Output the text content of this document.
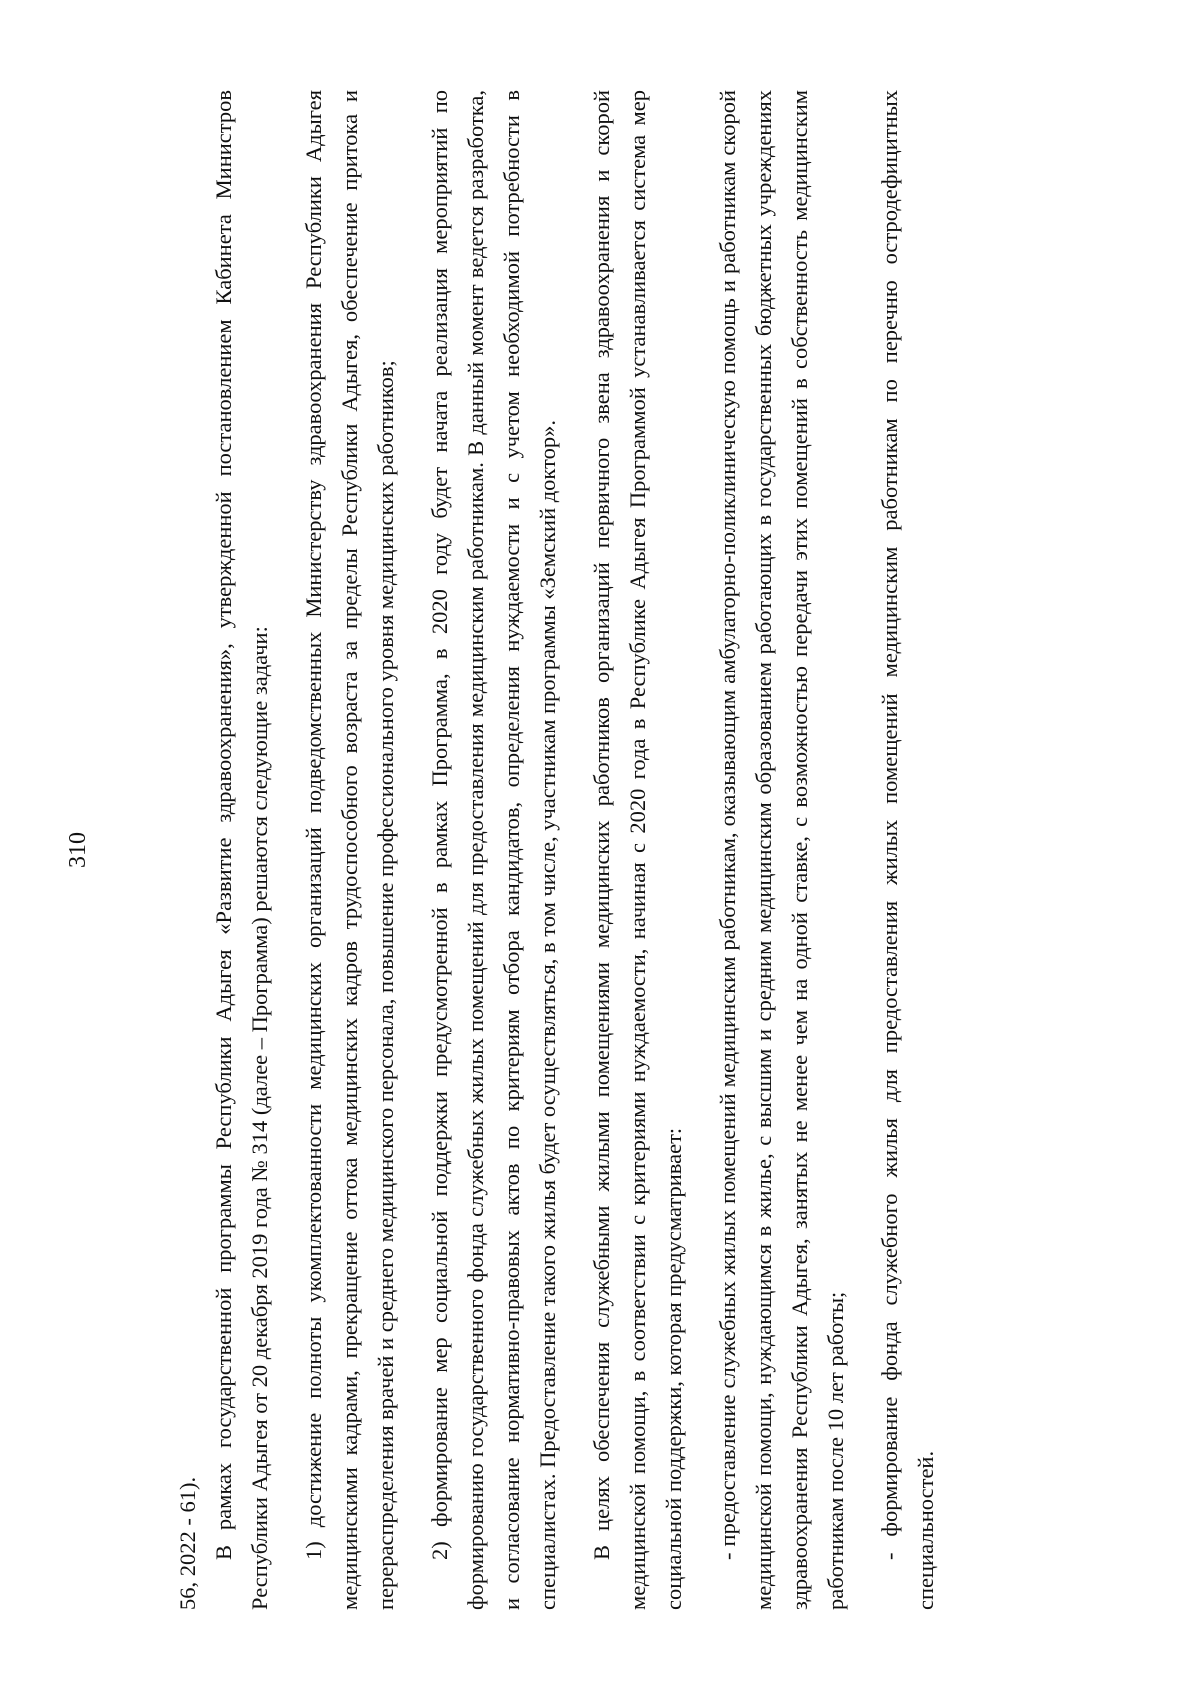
310

56, 2022 - 61). В рамках государственной программы Республики Адыгея «Развитие здравоохранения», утвержденной постановлением Кабинета Министров Республики Адыгея от 20 декабря 2019 года № 314 (далее – Программа) решаются следующие задачи: 1) достижение полноты укомплектованности медицинских организаций подведомственных Министерству здравоохранения Республики Адыгея медицинскими кадрами, прекращение оттока медицинских кадров трудоспособного возраста за пределы Республики Адыгея, обеспечение притока и перераспределения врачей и среднего медицинского персонала, повышение профессионального уровня медицинских работников; 2) формирование мер социальной поддержки предусмотренной в рамках Программа, в 2020 году будет начата реализация мероприятий по формированию государственного фонда служебных жилых помещений для предоставления медицинским работникам. В данный момент ведется разработка, и согласование нормативно-правовых актов по критериям отбора кандидатов, определения нуждаемости и с учетом необходимой потребности в специалистах. Предоставление такого жилья будет осуществляться, в том числе, участникам программы «Земский доктор». В целях обеспечения служебными жилыми помещениями медицинских работников организаций первичного звена здравоохранения и скорой медицинской помощи, в соответствии с критериями нуждаемости, начиная с 2020 года в Республике Адыгея Программой устанавливается система мер социальной поддержки, которая предусматривает: - предоставление служебных жилых помещений медицинским работникам, оказывающим амбулаторно-поликлиническую помощь и работникам скорой медицинской помощи, нуждающимся в жилье, с высшим и средним медицинским образованием работающих в государственных бюджетных учреждениях здравоохранения Республики Адыгея, занятых не менее чем на одной ставке, с возможностью передачи этих помещений в собственность медицинским работникам после 10 лет работы; - формирование фонда служебного жилья для предоставления жилых помещений медицинским работникам по перечню остродефицитных специальностей.
